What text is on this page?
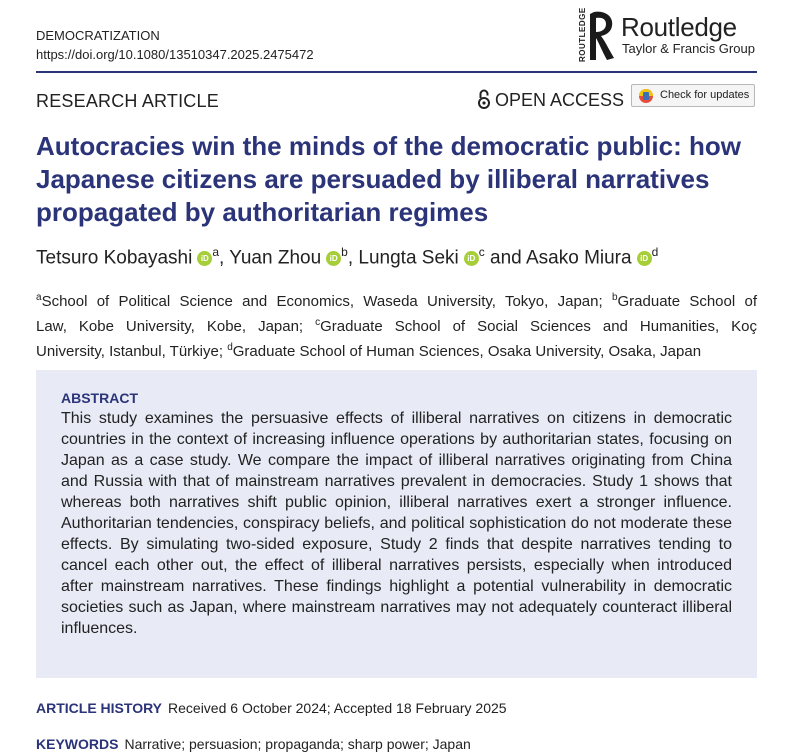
DEMOCRATIZATION
https://doi.org/10.1080/13510347.2025.2475472	ROUTLEDGE Routledge
Taylor & Francis Group
RESEARCH ARTICLE	OPEN ACCESS	Check for updates
Autocracies win the minds of the democratic public: how Japanese citizens are persuaded by illiberal narratives propagated by authoritarian regimes
Tetsuro Kobayashi iD $^a$, Yuan Zhou iD $^b$, Lungta Seki iD $^c$ and Asako Miura iD $^d$
$^a$School of Political Science and Economics, Waseda University, Tokyo, Japan; $^b$Graduate School of
Law, Kobe University, Kobe, Japan; $^c$Graduate School of Social Sciences and Humanities, Koç
University, Istanbul, Türkiye; $^d$Graduate School of Human Sciences, Osaka University, Osaka, Japan
ABSTRACT
This study examines the persuasive effects of illiberal narratives on citizens in democratic countries in the context of increasing influence operations by authoritarian states, focusing on Japan as a case study. We compare the impact of illiberal narratives originating from China and Russia with that of mainstream narratives prevalent in democracies. Study 1 shows that whereas both narratives shift public opinion, illiberal narratives exert a stronger influence. Authoritarian tendencies, conspiracy beliefs, and political sophistication do not moderate these effects. By simulating two-sided exposure, Study 2 finds that despite narratives tending to cancel each other out, the effect of illiberal narratives persists, especially when introduced after mainstream narratives. These findings highlight a potential vulnerability in democratic societies such as Japan, where mainstream narratives may not adequately counteract illiberal influences.
ARTICLE HISTORY Received 6 October 2024; Accepted 18 February 2025
KEYWORDS Narrative; persuasion; propaganda; sharp power; Japan
